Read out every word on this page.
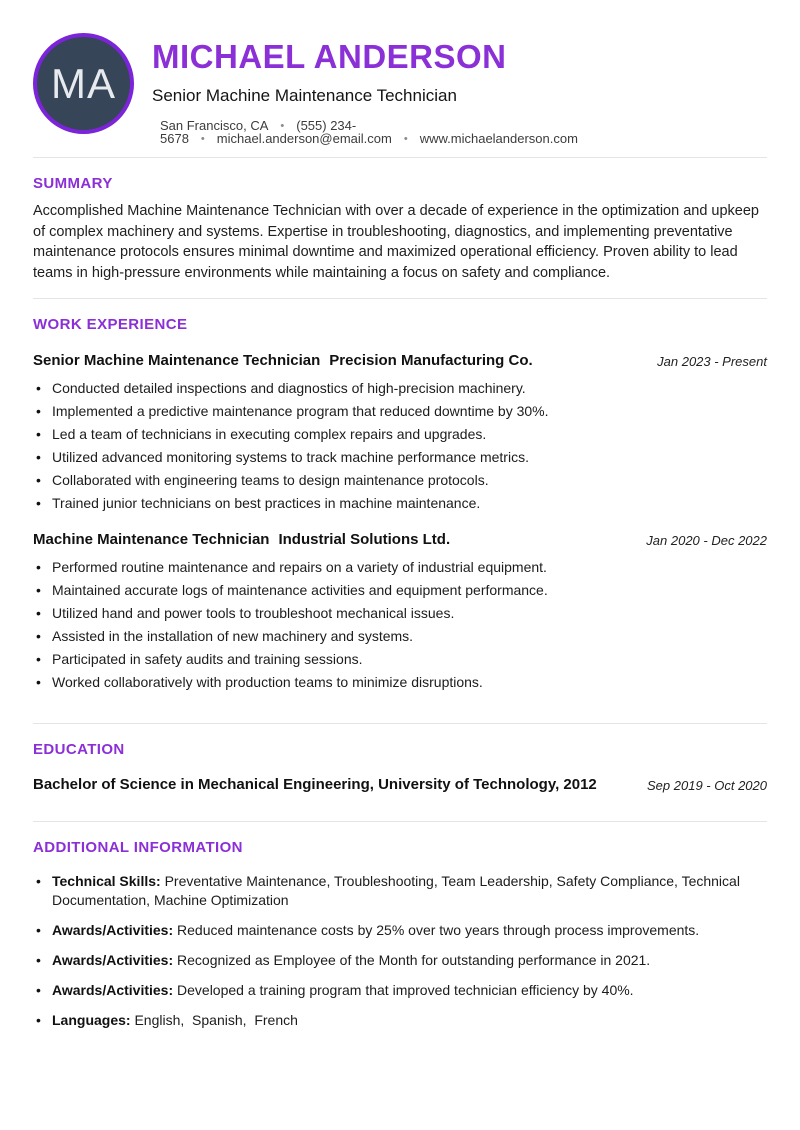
MA
MICHAEL ANDERSON
Senior Machine Maintenance Technician
San Francisco, CA • (555) 234-5678 • michael.anderson@email.com • www.michaelanderson.com
SUMMARY

Accomplished Machine Maintenance Technician with over a decade of experience in the optimization and upkeep of complex machinery and systems. Expertise in troubleshooting, diagnostics, and implementing preventative maintenance protocols ensures minimal downtime and maximized operational efficiency. Proven ability to lead teams in high-pressure environments while maintaining a focus on safety and compliance.

WORK EXPERIENCE
Senior Machine Maintenance Technician Precision Manufacturing Co.	Jan 2023 - Present
• Conducted detailed inspections and diagnostics of high-precision machinery.
• Implemented a predictive maintenance program that reduced downtime by 30%.
• Led a team of technicians in executing complex repairs and upgrades.
• Utilized advanced monitoring systems to track machine performance metrics.
• Collaborated with engineering teams to design maintenance protocols.
• Trained junior technicians on best practices in machine maintenance.
Machine Maintenance Technician Industrial Solutions Ltd.	Jan 2020 - Dec 2022
• Performed routine maintenance and repairs on a variety of industrial equipment.
• Maintained accurate logs of maintenance activities and equipment performance.
• Utilized hand and power tools to troubleshoot mechanical issues.
• Assisted in the installation of new machinery and systems.
• Participated in safety audits and training sessions.
• Worked collaboratively with production teams to minimize disruptions.
EDUCATION
Bachelor of Science in Mechanical Engineering, University of Technology, 2012	Sep 2019 - Oct 2020
ADDITIONAL INFORMATION
• Technical Skills: Preventative Maintenance, Troubleshooting, Team Leadership, Safety Compliance, Technical Documentation, Machine Optimization
• Awards/Activities: Reduced maintenance costs by 25% over two years through process improvements.
• Awards/Activities: Recognized as Employee of the Month for outstanding performance in 2021.
• Awards/Activities: Developed a training program that improved technician efficiency by 40%.
• Languages: English,  Spanish,  French
